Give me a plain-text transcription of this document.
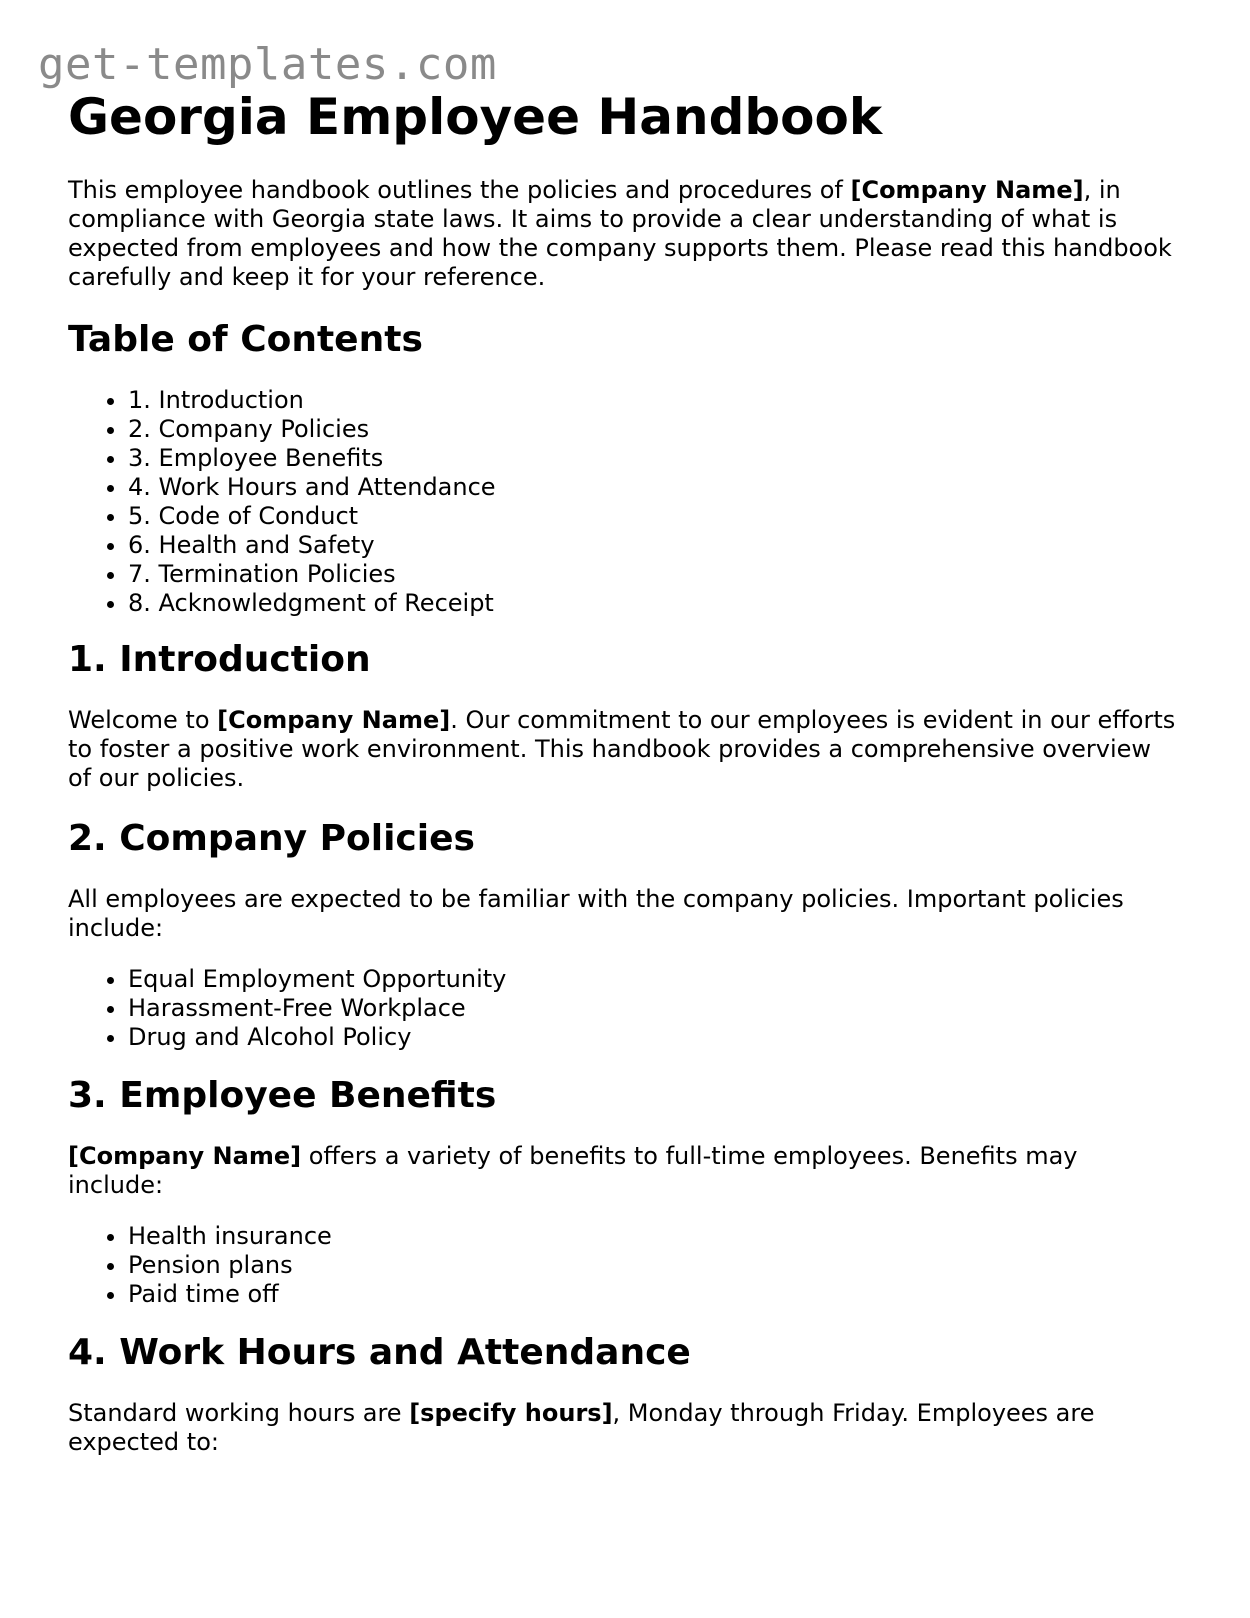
get-templates.com
Georgia Employee Handbook

This employee handbook outlines the policies and procedures of [Company Name], in compliance with Georgia state laws. It aims to provide a clear understanding of what is expected from employees and how the company supports them. Please read this handbook carefully and keep it for your reference.

Table of Contents
• 1. Introduction
• 2. Company Policies
• 3. Employee Benefits
• 4. Work Hours and Attendance
• 5. Code of Conduct
• 6. Health and Safety
• 7. Termination Policies
• 8. Acknowledgment of Receipt
1. Introduction

Welcome to [Company Name]. Our commitment to our employees is evident in our efforts to foster a positive work environment. This handbook provides a comprehensive overview of our policies.

2. Company Policies

All employees are expected to be familiar with the company policies. Important policies include:

• Equal Employment Opportunity
• Harassment-Free Workplace
• Drug and Alcohol Policy
3. Employee Benefits

[Company Name] offers a variety of benefits to full-time employees. Benefits may include:

• Health insurance
• Pension plans
• Paid time off
4. Work Hours and Attendance

Standard working hours are [specify hours], Monday through Friday. Employees are expected to:
